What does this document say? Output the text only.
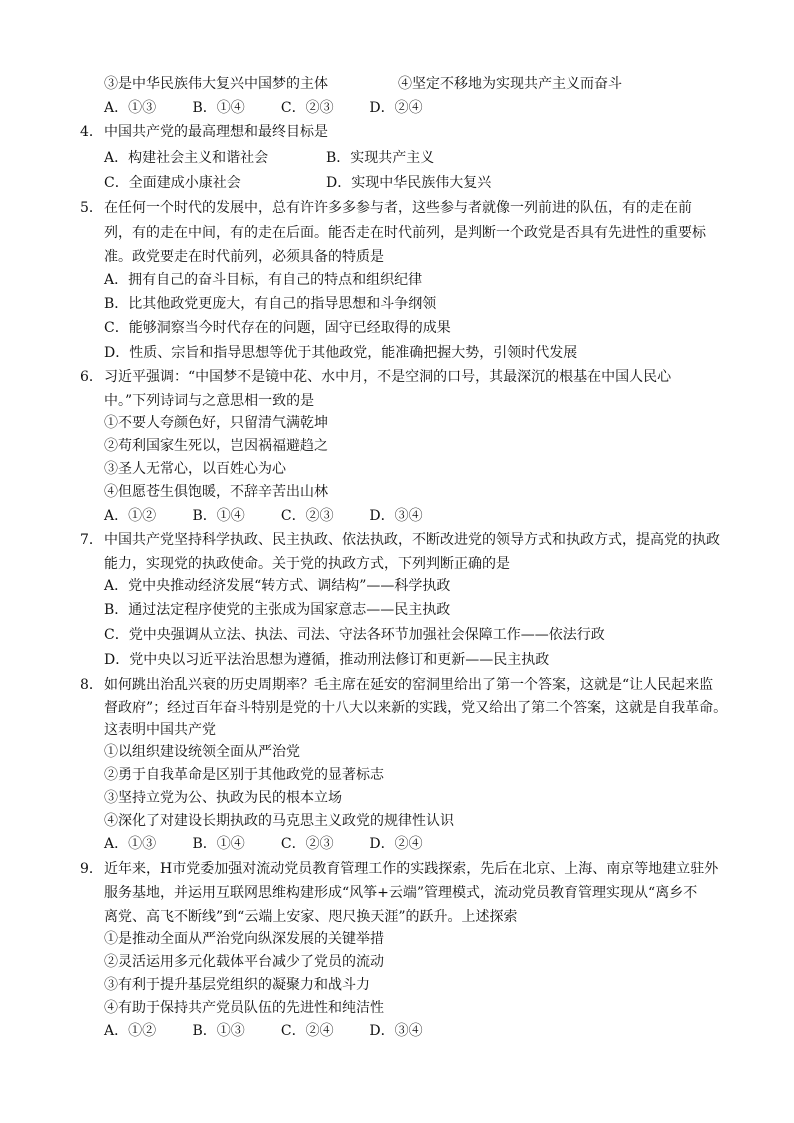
③是中华民族伟大复兴中国梦的主体	④坚定不移地为实现共产主义而奋斗
A．①③	B．①④	C．②③	D．②④
4． 中国共产党的最高理想和最终目标是
A．构建社会主义和谐社会	B．实现共产主义
C．全面建成小康社会	D．实现中华民族伟大复兴
5． 在任何一个时代的发展中，总有许许多多参与者，这些参与者就像一列前进的队伍，有的走在前
列，有的走在中间，有的走在后面。能否走在时代前列，是判断一个政党是否具有先进性的重要标
准。政党要走在时代前列，必须具备的特质是
A．拥有自己的奋斗目标，有自己的特点和组织纪律
B．比其他政党更庞大，有自己的指导思想和斗争纲领
C．能够洞察当今时代存在的问题，固守已经取得的成果
D．性质、宗旨和指导思想等优于其他政党，能准确把握大势，引领时代发展
6． 习近平强调：“中国梦不是镜中花、水中月，不是空洞的口号，其最深沉的根基在中国人民心
中。”下列诗词与之意思相一致的是
①不要人夸颜色好，只留清气满乾坤
②苟利国家生死以，岂因祸福避趋之
③圣人无常心，以百姓心为心
④但愿苍生俱饱暖，不辞辛苦出山林
A．①②	B．①④	C．②③	D．③④
7． 中国共产党坚持科学执政、民主执政、依法执政，不断改进党的领导方式和执政方式，提高党的执政
能力，实现党的执政使命。关于党的执政方式，下列判断正确的是
A．党中央推动经济发展“转方式、调结构”——科学执政
B．通过法定程序使党的主张成为国家意志——民主执政
C．党中央强调从立法、执法、司法、守法各环节加强社会保障工作——依法行政
D．党中央以习近平法治思想为遵循，推动刑法修订和更新——民主执政
8． 如何跳出治乱兴衰的历史周期率？毛主席在延安的窑洞里给出了第一个答案，这就是“让人民起来监
督政府”；经过百年奋斗特别是党的十八大以来新的实践，党又给出了第二个答案，这就是自我革命。
这表明中国共产党
①以组织建设统领全面从严治党
②勇于自我革命是区别于其他政党的显著标志
③坚持立党为公、执政为民的根本立场
④深化了对建设长期执政的马克思主义政党的规律性认识
A．①③	B．①④	C．②③	D．②④
9． 近年来，H市党委加强对流动党员教育管理工作的实践探索，先后在北京、上海、南京等地建立驻外
服务基地，并运用互联网思维构建形成“风筝+云端”管理模式，流动党员教育管理实现从“离乡不
离党、高飞不断线”到“云端上安家、咫尺换天涯”的跃升。上述探索
①是推动全面从严治党向纵深发展的关键举措
②灵活运用多元化载体平台减少了党员的流动
③有利于提升基层党组织的凝聚力和战斗力
④有助于保持共产党员队伍的先进性和纯洁性
A．①②	B．①③	C．②④	D．③④
